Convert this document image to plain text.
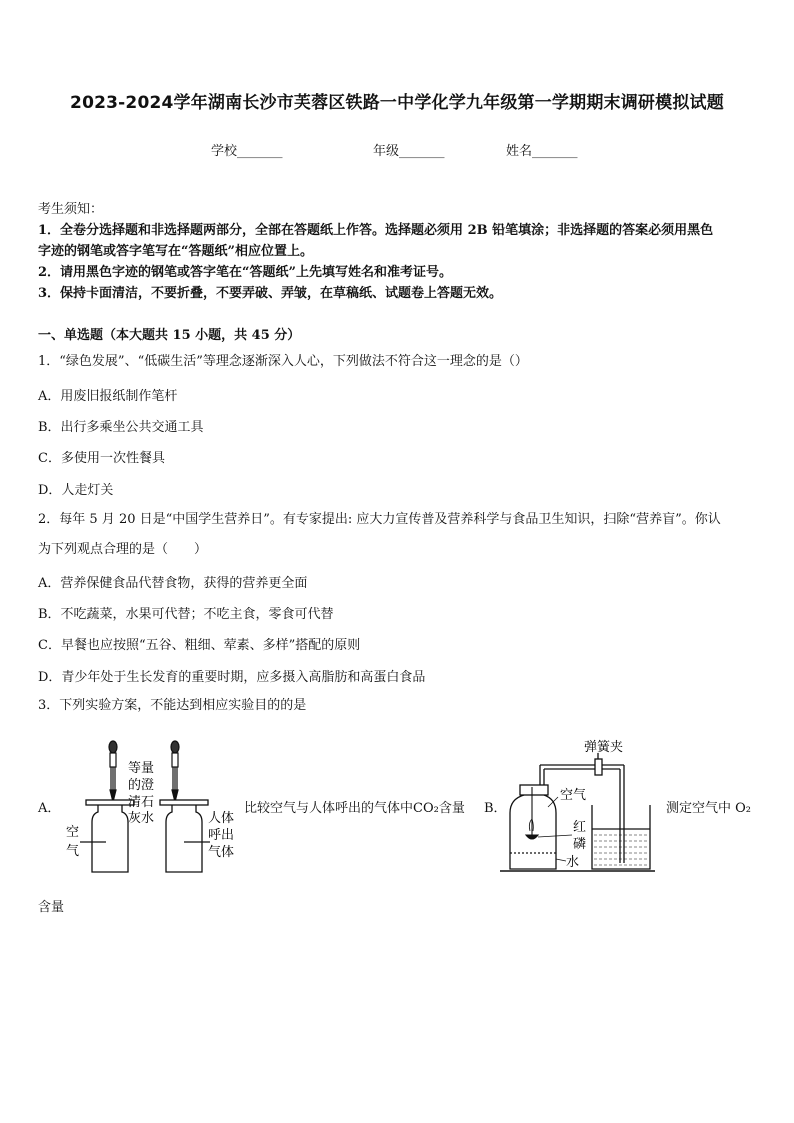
2023-2024学年湖南长沙市芙蓉区铁路一中学化学九年级第一学期期末调研模拟试题
学校_______	年级_______	姓名_______
考生须知：
1．全卷分选择题和非选择题两部分，全部在答题纸上作答。选择题必须用 2B 铅笔填涂；非选择题的答案必须用黑色
字迹的钢笔或答字笔写在“答题纸”相应位置上。
2．请用黑色字迹的钢笔或答字笔在“答题纸”上先填写姓名和准考证号。
3．保持卡面清洁，不要折叠，不要弄破、弄皱，在草稿纸、试题卷上答题无效。
一、单选题（本大题共 15 小题，共 45 分）
1．“绿色发展”、“低碳生活”等理念逐渐深入人心，下列做法不符合这一理念的是（）
A．用废旧报纸制作笔杆
B．出行多乘坐公共交通工具
C．多使用一次性餐具
D．人走灯关
2．每年 5 月 20 日是“中国学生营养日”。有专家提出: 应大力宣传普及营养科学与食品卫生知识，扫除“营养盲”。你认
为下列观点合理的是（　　）
A．营养保健食品代替食物，获得的营养更全面
B．不吃蔬菜，水果可代替；不吃主食，零食可代替
C．早餐也应按照“五谷、粗细、荤素、多样”搭配的原则
D．青少年处于生长发育的重要时期，应多摄入高脂肪和高蛋白食品
3．下列实验方案，不能达到相应实验目的的是
A．
等量
的澄
清石
灰水
空
气
人体
呼出
气体
比较空气与人体呼出的气体中CO₂含量 B．
弹簧夹
空气
红
磷
水
测定空气中 O₂
含量
